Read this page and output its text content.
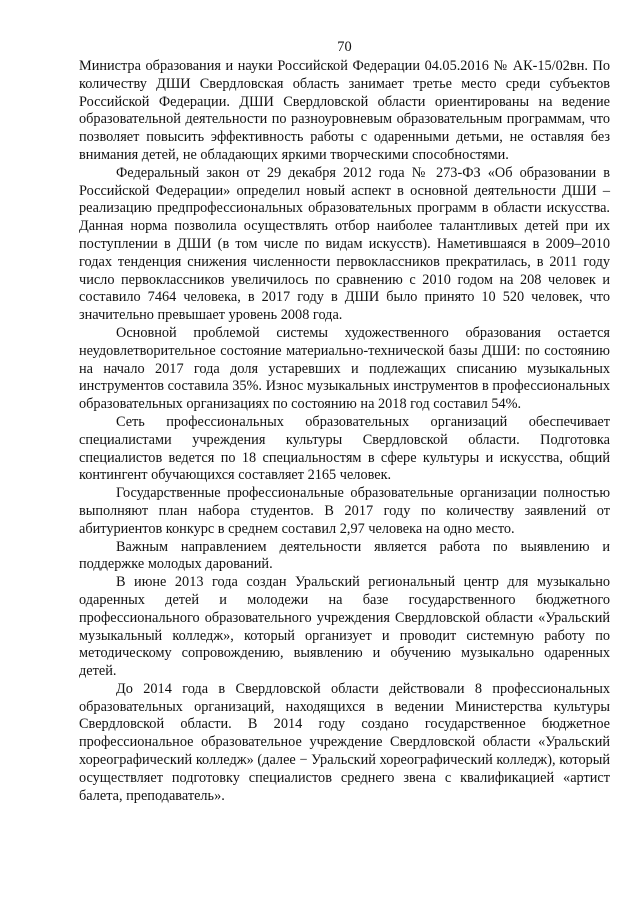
70

Министра образования и науки Российской Федерации 04.05.2016 № АК-15/02вн. По количеству ДШИ Свердловская область занимает третье место среди субъектов Российской Федерации. ДШИ Свердловской области ориентированы на ведение образовательной деятельности по разноуровневым образовательным программам, что позволяет повысить эффективность работы с одаренными детьми, не оставляя без внимания детей, не обладающих яркими творческими способностями.

Федеральный закон от 29 декабря 2012 года № 273-ФЗ «Об образовании в Российской Федерации» определил новый аспект в основной деятельности ДШИ – реализацию предпрофессиональных образовательных программ в области искусства. Данная норма позволила осуществлять отбор наиболее талантливых детей при их поступлении в ДШИ (в том числе по видам искусств). Наметившаяся в 2009–2010 годах тенденция снижения численности первоклассников прекратилась, в 2011 году число первоклассников увеличилось по сравнению с 2010 годом на 208 человек и составило 7464 человека, в 2017 году в ДШИ было принято 10 520 человек, что значительно превышает уровень 2008 года.

Основной проблемой системы художественного образования остается неудовлетворительное состояние материально-технической базы ДШИ: по состоянию на начало 2017 года доля устаревших и подлежащих списанию музыкальных инструментов составила 35%. Износ музыкальных инструментов в профессиональных образовательных организациях по состоянию на 2018 год составил 54%.

Сеть профессиональных образовательных организаций обеспечивает специалистами учреждения культуры Свердловской области. Подготовка специалистов ведется по 18 специальностям в сфере культуры и искусства, общий контингент обучающихся составляет 2165 человек.

Государственные профессиональные образовательные организации полностью выполняют план набора студентов. В 2017 году по количеству заявлений от абитуриентов конкурс в среднем составил 2,97 человека на одно место.

Важным направлением деятельности является работа по выявлению и поддержке молодых дарований.

В июне 2013 года создан Уральский региональный центр для музыкально одаренных детей и молодежи на базе государственного бюджетного профессионального образовательного учреждения Свердловской области «Уральский музыкальный колледж», который организует и проводит системную работу по методическому сопровождению, выявлению и обучению музыкально одаренных детей.

До 2014 года в Свердловской области действовали 8 профессиональных образовательных организаций, находящихся в ведении Министерства культуры Свердловской области. В 2014 году создано государственное бюджетное профессиональное образовательное учреждение Свердловской области «Уральский хореографический колледж» (далее − Уральский хореографический колледж), который осуществляет подготовку специалистов среднего звена с квалификацией «артист балета, преподаватель».
